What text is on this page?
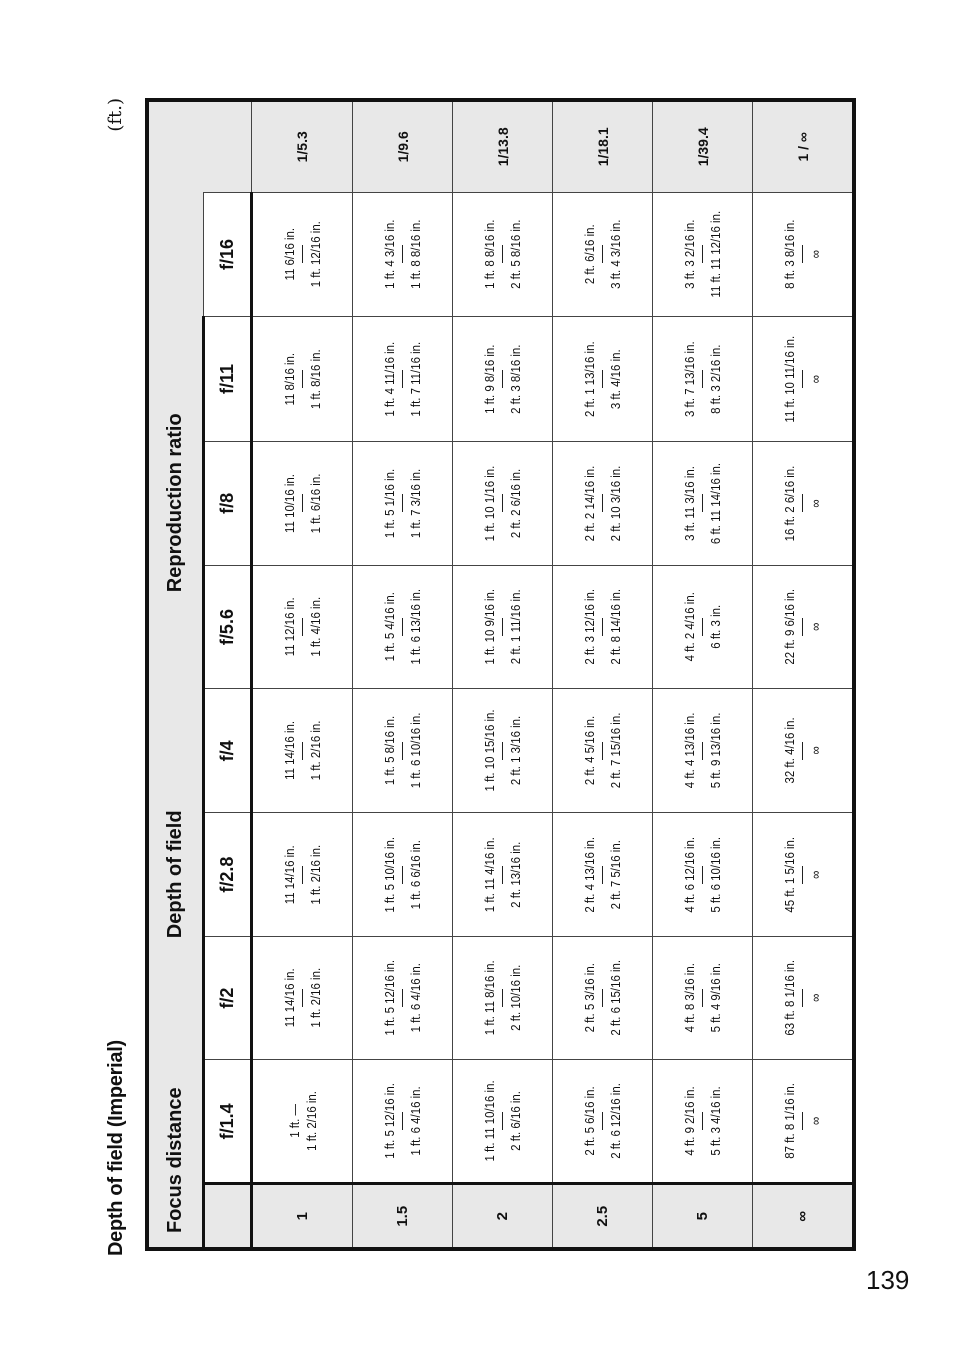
Depth of field (Imperial)
(ft.)
Focus distance		Depth of field			Reproduction ratio				
	f/1.4	f/2	f/2.8	f/4	f/5.6	f/8	f/11	f/16	
1	1 ft. — 1 ft. 2/16 in.	11 14/16 in. 1 ft. 2/16 in.	11 14/16 in. 1 ft. 2/16 in.	11 14/16 in. 1 ft. 2/16 in.	11 12/16 in. 1 ft. 4/16 in.	11 10/16 in. 1 ft. 6/16 in.	11 8/16 in. 1 ft. 8/16 in.	11 6/16 in. 1 ft. 12/16 in.	1/5.3
1.5	1 ft. 5 12/16 in. 1 ft. 6 4/16 in.	1 ft. 5 12/16 in. 1 ft. 6 4/16 in.	1 ft. 5 10/16 in. 1 ft. 6 6/16 in.	1 ft. 5 8/16 in. 1 ft. 6 10/16 in.	1 ft. 5 4/16 in. 1 ft. 6 13/16 in.	1 ft. 5 1/16 in. 1 ft. 7 3/16 in.	1 ft. 4 11/16 in. 1 ft. 7 11/16 in.	1 ft. 4 3/16 in. 1 ft. 8 8/16 in.	1/9.6
2	1 ft. 11 10/16 in. 2 ft. 6/16 in.	1 ft. 11 8/16 in. 2 ft. 10/16 in.	1 ft. 11 4/16 in. 2 ft. 13/16 in.	1 ft. 10 15/16 in. 2 ft. 1 3/16 in.	1 ft. 10 9/16 in. 2 ft. 1 11/16 in.	1 ft. 10 1/16 in. 2 ft. 2 6/16 in.	1 ft. 9 8/16 in. 2 ft. 3 8/16 in.	1 ft. 8 8/16 in. 2 ft. 5 8/16 in.	1/13.8
2.5	2 ft. 5 6/16 in. 2 ft. 6 12/16 in.	2 ft. 5 3/16 in. 2 ft. 6 15/16 in.	2 ft. 4 13/16 in. 2 ft. 7 5/16 in.	2 ft. 4 5/16 in. 2 ft. 7 15/16 in.	2 ft. 3 12/16 in. 2 ft. 8 14/16 in.	2 ft. 2 14/16 in. 2 ft. 10 3/16 in.	2 ft. 1 13/16 in. 3 ft. 4/16 in.	2 ft. 6/16 in. 3 ft. 4 3/16 in.	1/18.1
5	4 ft. 9 2/16 in. 5 ft. 3 4/16 in.	4 ft. 8 3/16 in. 5 ft. 4 9/16 in.	4 ft. 6 12/16 in. 5 ft. 6 10/16 in.	4 ft. 4 13/16 in. 5 ft. 9 13/16 in.	4 ft. 2 4/16 in. 6 ft. 3 in.	3 ft. 11 3/16 in. 6 ft. 11 14/16 in.	3 ft. 7 13/16 in. 8 ft. 3 2/16 in.	3 ft. 3 2/16 in. 11 ft. 11 12/16 in.	1/39.4
∞	87 ft. 8 1/16 in. ∞	63 ft. 8 1/16 in. ∞	45 ft. 1 5/16 in. ∞	32 ft. 4/16 in. ∞	22 ft. 9 6/16 in. ∞	16 ft. 2 6/16 in. ∞	11 ft. 10 11/16 in. ∞	8 ft. 3 8/16 in. ∞	1 / ∞
139
